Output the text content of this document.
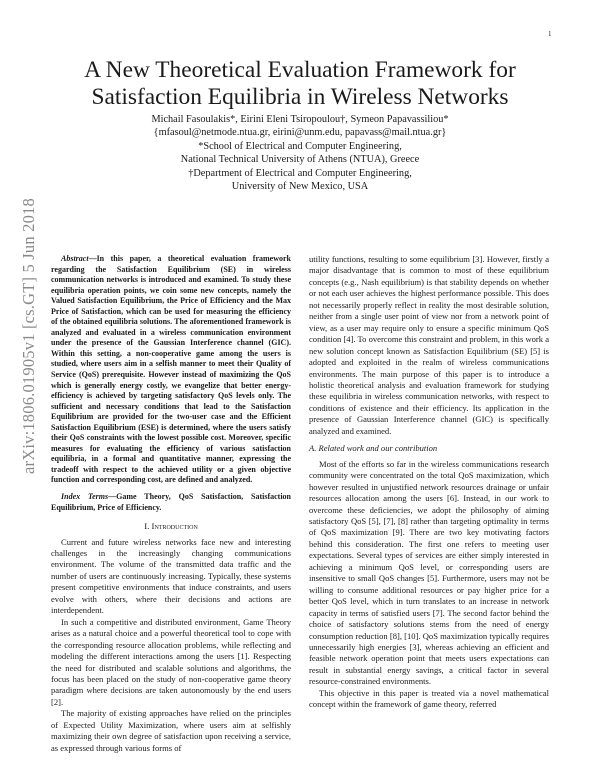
1
arXiv:1806.01905v1 [cs.GT] 5 Jun 2018
A New Theoretical Evaluation Framework for
Satisfaction Equilibria in Wireless Networks
Michail Fasoulakis*, Eirini Eleni Tsiropoulou†, Symeon Papavassiliou*
{mfasoul@netmode.ntua.gr, eirini@unm.edu, papavass@mail.ntua.gr}
*School of Electrical and Computer Engineering,
National Technical University of Athens (NTUA), Greece
†Department of Electrical and Computer Engineering,
University of New Mexico, USA

Abstract—In this paper, a theoretical evaluation framework regarding the Satisfaction Equilibrium (SE) in wireless communication networks is introduced and examined. To study these equilibria operation points, we coin some new concepts, namely the Valued Satisfaction Equilibrium, the Price of Efficiency and the Max Price of Satisfaction, which can be used for measuring the efficiency of the obtained equilibria solutions. The aforementioned framework is analyzed and evaluated in a wireless communication environment under the presence of the Gaussian Interference channel (GIC). Within this setting, a non-cooperative game among the users is studied, where users aim in a selfish manner to meet their Quality of Service (QoS) prerequisite. However instead of maximizing the QoS which is generally energy costly, we evangelize that better energy-efficiency is achieved by targeting satisfactory QoS levels only. The sufficient and necessary conditions that lead to the Satisfaction Equilibrium are provided for the two-user case and the Efficient Satisfaction Equilibrium (ESE) is determined, where the users satisfy their QoS constraints with the lowest possible cost. Moreover, specific measures for evaluating the efficiency of various satisfaction equilibria, in a formal and quantitative manner, expressing the tradeoff with respect to the achieved utility or a given objective function and corresponding cost, are defined and analyzed.

Index Terms—Game Theory, QoS Satisfaction, Satisfaction Equilibrium, Price of Efficiency.

I. Introduction

Current and future wireless networks face new and interesting challenges in the increasingly changing communications environment. The volume of the transmitted data traffic and the number of users are continuously increasing. Typically, these systems present competitive environments that induce constraints, and users evolve with others, where their decisions and actions are interdependent.

In such a competitive and distributed environment, Game Theory arises as a natural choice and a powerful theoretical tool to cope with the corresponding resource allocation problems, while reflecting and modeling the different interactions among the users [1]. Respecting the need for distributed and scalable solutions and algorithms, the focus has been placed on the study of non-cooperative game theory paradigm where decisions are taken autonomously by the end users [2].

The majority of existing approaches have relied on the principles of Expected Utility Maximization, where users aim at selfishly maximizing their own degree of satisfaction upon receiving a service, as expressed through various forms of

utility functions, resulting to some equilibrium [3]. However, firstly a major disadvantage that is common to most of these equilibrium concepts (e.g., Nash equilibrium) is that stability depends on whether or not each user achieves the highest performance possible. This does not necessarily properly reflect in reality the most desirable solution, neither from a single user point of view nor from a network point of view, as a user may require only to ensure a specific minimum QoS condition [4]. To overcome this constraint and problem, in this work a new solution concept known as Satisfaction Equilibrium (SE) [5] is adopted and exploited in the realm of wireless communications environments. The main purpose of this paper is to introduce a holistic theoretical analysis and evaluation framework for studying these equilibria in wireless communication networks, with respect to conditions of existence and their efficiency. Its application in the presence of Gaussian Interference channel (GIC) is specifically analyzed and examined.

A. Related work and our contribution

Most of the efforts so far in the wireless communications research community were concentrated on the total QoS maximization, which however resulted in unjustified network resources drainage or unfair resources allocation among the users [6]. Instead, in our work to overcome these deficiencies, we adopt the philosophy of aiming satisfactory QoS [5], [7], [8] rather than targeting optimality in terms of QoS maximization [9]. There are two key motivating factors behind this consideration. The first one refers to meeting user expectations. Several types of services are either simply interested in achieving a minimum QoS level, or corresponding users are insensitive to small QoS changes [5]. Furthermore, users may not be willing to consume additional resources or pay higher price for a better QoS level, which in turn translates to an increase in network capacity in terms of satisfied users [7]. The second factor behind the choice of satisfactory solutions stems from the need of energy consumption reduction [8], [10]. QoS maximization typically requires unnecessarily high energies [3], whereas achieving an efficient and feasible network operation point that meets users expectations can result in substantial energy savings, a critical factor in several resource-constrained environments.

This objective in this paper is treated via a novel mathematical concept within the framework of game theory, referred
